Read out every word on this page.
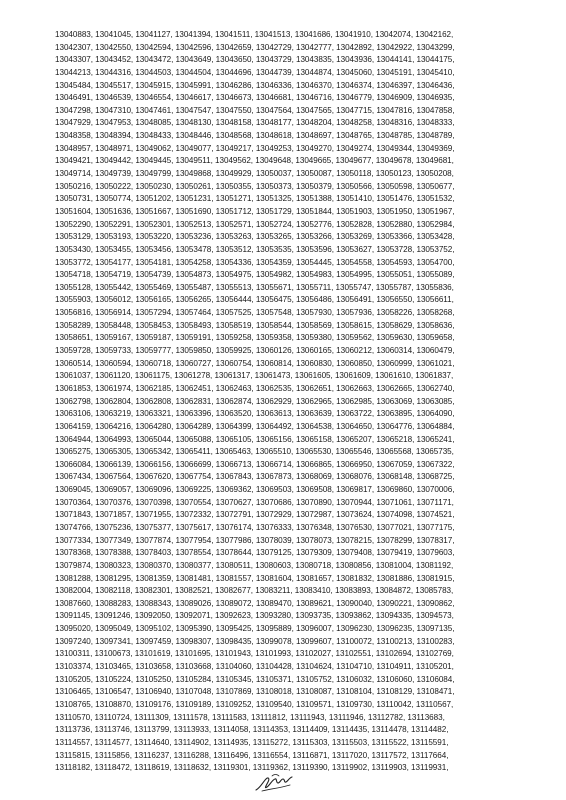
13040883, 13041045, 13041127, 13041394, 13041511, 13041513, 13041686, 13041910, 13042074, 13042162,
13042307, 13042550, 13042594, 13042596, 13042659, 13042729, 13042777, 13042892, 13042922, 13043299,
13043307, 13043452, 13043472, 13043649, 13043650, 13043729, 13043835, 13043936, 13044141, 13044175,
13044213, 13044316, 13044503, 13044504, 13044696, 13044739, 13044874, 13045060, 13045191, 13045410,
13045484, 13045517, 13045915, 13045991, 13046286, 13046336, 13046370, 13046374, 13046397, 13046436,
13046491, 13046539, 13046554, 13046617, 13046673, 13046681, 13046716, 13046779, 13046909, 13046935,
13047298, 13047310, 13047461, 13047547, 13047550, 13047564, 13047565, 13047715, 13047816, 13047858,
13047929, 13047953, 13048085, 13048130, 13048158, 13048177, 13048204, 13048258, 13048316, 13048333,
13048358, 13048394, 13048433, 13048446, 13048568, 13048618, 13048697, 13048765, 13048785, 13048789,
13048957, 13048971, 13049062, 13049077, 13049217, 13049253, 13049270, 13049274, 13049344, 13049369,
13049421, 13049442, 13049445, 13049511, 13049562, 13049648, 13049665, 13049677, 13049678, 13049681,
13049714, 13049739, 13049799, 13049868, 13049929, 13050037, 13050087, 13050118, 13050123, 13050208,
13050216, 13050222, 13050230, 13050261, 13050355, 13050373, 13050379, 13050566, 13050598, 13050677,
13050731, 13050774, 13051202, 13051231, 13051271, 13051325, 13051388, 13051410, 13051476, 13051532,
13051604, 13051636, 13051667, 13051690, 13051712, 13051729, 13051844, 13051903, 13051950, 13051967,
13052290, 13052291, 13052301, 13052513, 13052571, 13052724, 13052776, 13052828, 13052880, 13052984,
13053129, 13053193, 13053220, 13053236, 13053263, 13053265, 13053266, 13053269, 13053366, 13053428,
13053430, 13053455, 13053456, 13053478, 13053512, 13053535, 13053596, 13053627, 13053728, 13053752,
13053772, 13054177, 13054181, 13054258, 13054336, 13054359, 13054445, 13054558, 13054593, 13054700,
13054718, 13054719, 13054739, 13054873, 13054975, 13054982, 13054983, 13054995, 13055051, 13055089,
13055128, 13055442, 13055469, 13055487, 13055513, 13055671, 13055711, 13055747, 13055787, 13055836,
13055903, 13056012, 13056165, 13056265, 13056444, 13056475, 13056486, 13056491, 13056550, 13056611,
13056816, 13056914, 13057294, 13057464, 13057525, 13057548, 13057930, 13057936, 13058226, 13058268,
13058289, 13058448, 13058453, 13058493, 13058519, 13058544, 13058569, 13058615, 13058629, 13058636,
13058651, 13059167, 13059187, 13059191, 13059258, 13059358, 13059380, 13059562, 13059630, 13059658,
13059728, 13059733, 13059777, 13059850, 13059925, 13060126, 13060165, 13060212, 13060314, 13060479,
13060514, 13060594, 13060718, 13060727, 13060754, 13060814, 13060830, 13060850, 13060999, 13061021,
13061037, 13061120, 13061175, 13061278, 13061317, 13061473, 13061605, 13061609, 13061610, 13061837,
13061853, 13061974, 13062185, 13062451, 13062463, 13062535, 13062651, 13062663, 13062665, 13062740,
13062798, 13062804, 13062808, 13062831, 13062874, 13062929, 13062965, 13062985, 13063069, 13063085,
13063106, 13063219, 13063321, 13063396, 13063520, 13063613, 13063639, 13063722, 13063895, 13064090,
13064159, 13064216, 13064280, 13064289, 13064399, 13064492, 13064538, 13064650, 13064776, 13064884,
13064944, 13064993, 13065044, 13065088, 13065105, 13065156, 13065158, 13065207, 13065218, 13065241,
13065275, 13065305, 13065342, 13065411, 13065463, 13065510, 13065530, 13065546, 13065568, 13065735,
13066084, 13066139, 13066156, 13066699, 13066713, 13066714, 13066865, 13066950, 13067059, 13067322,
13067434, 13067564, 13067620, 13067754, 13067843, 13067873, 13068069, 13068076, 13068148, 13068725,
13069045, 13069057, 13069096, 13069225, 13069362, 13069503, 13069508, 13069817, 13069860, 13070006,
13070364, 13070376, 13070398, 13070554, 13070627, 13070686, 13070890, 13070944, 13071061, 13071171,
13071843, 13071857, 13071955, 13072332, 13072791, 13072929, 13072987, 13073624, 13074098, 13074521,
13074766, 13075236, 13075377, 13075617, 13076174, 13076333, 13076348, 13076530, 13077021, 13077175,
13077334, 13077349, 13077874, 13077954, 13077986, 13078039, 13078073, 13078215, 13078299, 13078317,
13078368, 13078388, 13078403, 13078554, 13078644, 13079125, 13079309, 13079408, 13079419, 13079603,
13079874, 13080323, 13080370, 13080377, 13080511, 13080603, 13080718, 13080856, 13081004, 13081192,
13081288, 13081295, 13081359, 13081481, 13081557, 13081604, 13081657, 13081832, 13081886, 13081915,
13082004, 13082118, 13082301, 13082521, 13082677, 13083211, 13083410, 13083893, 13084872, 13085783,
13087660, 13088283, 13088343, 13089026, 13089072, 13089470, 13089621, 13090040, 13090221, 13090862,
13091145, 13091246, 13092050, 13092071, 13092623, 13093280, 13093735, 13093862, 13094335, 13094573,
13095020, 13095049, 13095102, 13095390, 13095425, 13095889, 13096007, 13096230, 13096235, 13097135,
13097240, 13097341, 13097459, 13098307, 13098435, 13099078, 13099607, 13100072, 13100213, 13100283,
13100311, 13100673, 13101619, 13101695, 13101943, 13101993, 13102027, 13102551, 13102694, 13102769,
13103374, 13103465, 13103658, 13103668, 13104060, 13104428, 13104624, 13104710, 13104911, 13105201,
13105205, 13105224, 13105250, 13105284, 13105345, 13105371, 13105752, 13106032, 13106060, 13106084,
13106465, 13106547, 13106940, 13107048, 13107869, 13108018, 13108087, 13108104, 13108129, 13108471,
13108765, 13108870, 13109176, 13109189, 13109252, 13109540, 13109571, 13109730, 13110042, 13110567,
13110570, 13110724, 13111309, 13111578, 13111583, 13111812, 13111943, 13111946, 13112782, 13113683,
13113736, 13113746, 13113799, 13113933, 13114058, 13114353, 13114409, 13114435, 13114478, 13114482,
13114557, 13114577, 13114640, 13114902, 13114935, 13115272, 13115303, 13115503, 13115522, 13115591,
13115815, 13115856, 13116237, 13116288, 13116496, 13116554, 13116871, 13117020, 13117572, 13117664,
13118182, 13118472, 13118619, 13118632, 13119301, 13119362, 13119390, 13119902, 13119903, 13119931,
